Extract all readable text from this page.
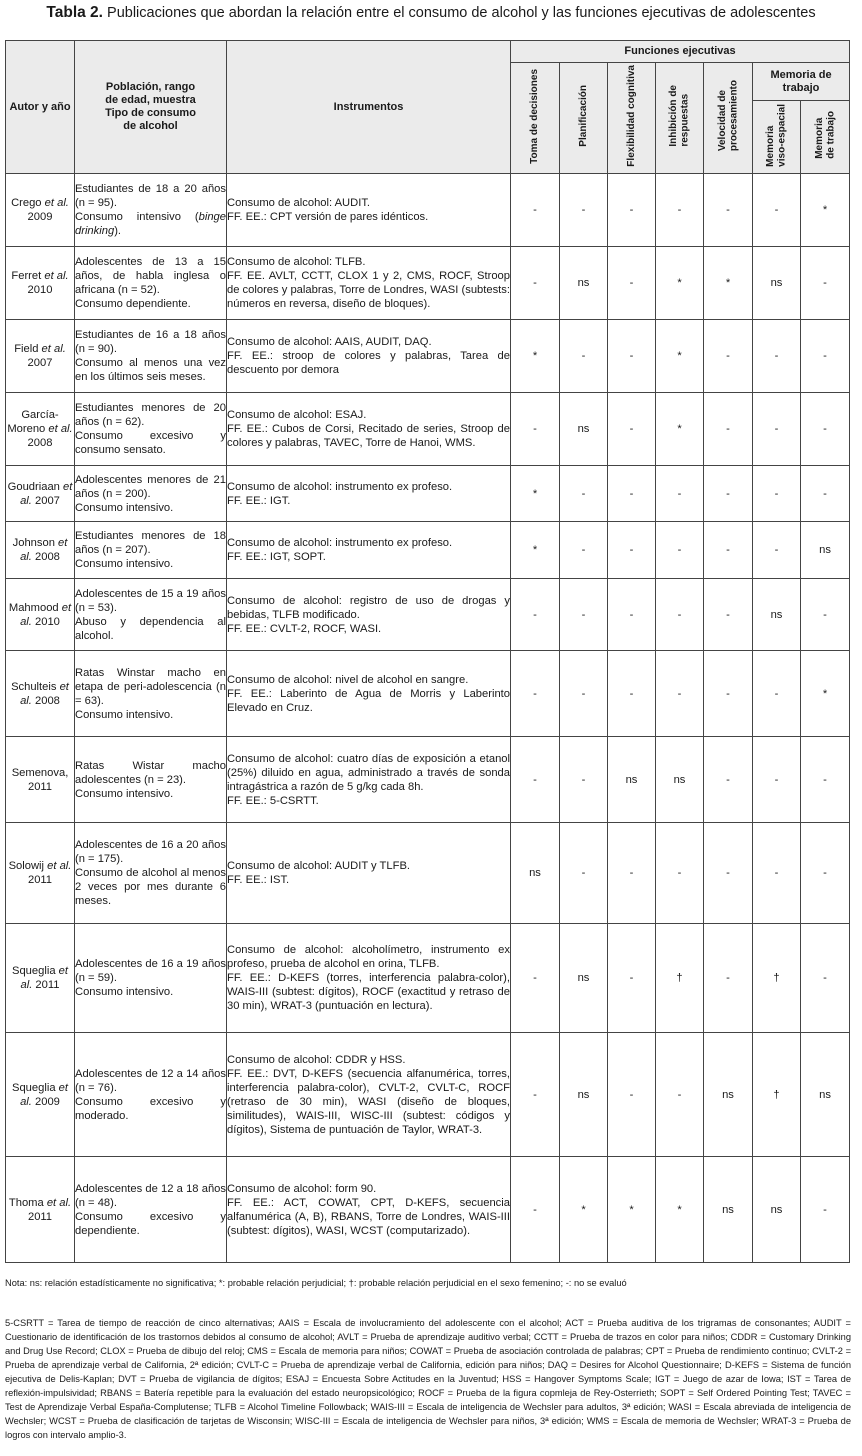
Tabla 2. Publicaciones que abordan la relación entre el consumo de alcohol y las funciones ejecutivas de adolescentes
Autor y año	Población, rango
de edad, muestra
Tipo de consumo
de alcohol	Instrumentos	Funciones ejecutivas						
			Toma de decisiones	Planificación	Flexibilidad cognitiva	Inhibición de
respuestas	Velocidad de
procesamiento	Memoria de trabajo	
								Memoria
viso-espacial	Memoria
de trabajo
Crego et al. 2009	Estudiantes de 18 a 20 años (n = 95).
Consumo intensivo (binge drinking).	Consumo de alcohol: AUDIT.
FF. EE.: CPT versión de pares idénticos.	-	-	-	-	-	-	*
Ferret et al. 2010	Adolescentes de 13 a 15 años, de habla inglesa o africana (n = 52).
Consumo dependiente.	Consumo de alcohol: TLFB.
FF. EE. AVLT, CCTT, CLOX 1 y 2, CMS, ROCF, Stroop de colores y palabras, Torre de Londres, WASI (subtests: números en reversa, diseño de bloques).	-	ns	-	*	*	ns	-
Field et al. 2007	Estudiantes de 16 a 18 años (n = 90).
Consumo al menos una vez en los últimos seis meses.	Consumo de alcohol: AAIS, AUDIT, DAQ.
FF. EE.: stroop de colores y palabras, Tarea de descuento por demora	*	-	-	*	-	-	-
García-Moreno et al. 2008	Estudiantes menores de 20 años (n = 62).
Consumo excesivo y consumo sensato.	Consumo de alcohol: ESAJ.
FF. EE.: Cubos de Corsi, Recitado de series, Stroop de colores y palabras, TAVEC, Torre de Hanoi, WMS.	-	ns	-	*	-	-	-
Goudriaan et al. 2007	Adolescentes menores de 21 años (n = 200).
Consumo intensivo.	Consumo de alcohol: instrumento ex profeso.
FF. EE.: IGT.	*	-	-	-	-	-	-
Johnson et al. 2008	Estudiantes menores de 18 años (n = 207).
Consumo intensivo.	Consumo de alcohol: instrumento ex profeso.
FF. EE.: IGT, SOPT.	*	-	-	-	-	-	ns
Mahmood et al. 2010	Adolescentes de 15 a 19 años (n = 53).
Abuso y dependencia al alcohol.	Consumo de alcohol: registro de uso de drogas y bebidas, TLFB modificado.
FF. EE.: CVLT-2, ROCF, WASI.	-	-	-	-	-	ns	-
Schulteis et al. 2008	Ratas Winstar macho en etapa de peri-adolescencia (n = 63).
Consumo intensivo.	Consumo de alcohol: nivel de alcohol en sangre.
FF. EE.: Laberinto de Agua de Morris y Laberinto Elevado en Cruz.	-	-	-	-	-	-	*
Semenova, 2011	Ratas Wistar macho adolescentes (n = 23).
Consumo intensivo.	Consumo de alcohol: cuatro días de exposición a etanol (25%) diluido en agua, administrado a través de sonda intragástrica a razón de 5 g/kg cada 8h.
FF. EE.: 5-CSRTT.	-	-	ns	ns	-	-	-
Solowij et al. 2011	Adolescentes de 16 a 20 años (n = 175).
Consumo de alcohol al menos 2 veces por mes durante 6 meses.	Consumo de alcohol: AUDIT y TLFB.
FF. EE.: IST.	ns	-	-	-	-	-	-
Squeglia et al. 2011	Adolescentes de 16 a 19 años (n = 59).
Consumo intensivo.	Consumo de alcohol: alcoholímetro, instrumento ex profeso, prueba de alcohol en orina, TLFB.
FF. EE.: D-KEFS (torres, interferencia palabra-color), WAIS-III (subtest: dígitos), ROCF (exactitud y retraso de 30 min), WRAT-3 (puntuación en lectura).	-	ns	-	†	-	†	-
Squeglia et al. 2009	Adolescentes de 12 a 14 años (n = 76).
Consumo excesivo y moderado.	Consumo de alcohol: CDDR y HSS.
FF. EE.: DVT, D-KEFS (secuencia alfanumérica, torres, interferencia palabra-color), CVLT-2, CVLT-C, ROCF (retraso de 30 min), WASI (diseño de bloques, similitudes), WAIS-III, WISC-III (subtest: códigos y dígitos), Sistema de puntuación de Taylor, WRAT-3.	-	ns	-	-	ns	†	ns
Thoma et al. 2011	Adolescentes de 12 a 18 años (n = 48).
Consumo excesivo y dependiente.	Consumo de alcohol: form 90.
FF. EE.: ACT, COWAT, CPT, D-KEFS, secuencia alfanumérica (A, B), RBANS, Torre de Londres, WAIS-III (subtest: dígitos), WASI, WCST (computarizado).	-	*	*	*	ns	ns	-
Nota: ns: relación estadísticamente no significativa; *: probable relación perjudicial; †: probable relación perjudicial en el sexo femenino; -: no se evaluó
5-CSRTT = Tarea de tiempo de reacción de cinco alternativas; AAIS = Escala de involucramiento del adolescente con el alcohol; ACT = Prueba auditiva de los trigramas de consonantes; AUDIT = Cuestionario de identificación de los trastornos debidos al consumo de alcohol; AVLT = Prueba de aprendizaje auditivo verbal; CCTT = Prueba de trazos en color para niños; CDDR = Customary Drinking and Drug Use Record; CLOX = Prueba de dibujo del reloj; CMS = Escala de memoria para niños; COWAT = Prueba de asociación controlada de palabras; CPT = Prueba de rendimiento continuo; CVLT-2 = Prueba de aprendizaje verbal de California, 2ª edición; CVLT-C = Prueba de aprendizaje verbal de California, edición para niños; DAQ = Desires for Alcohol Questionnaire; D-KEFS = Sistema de función ejecutiva de Delis-Kaplan; DVT = Prueba de vigilancia de dígitos; ESAJ = Encuesta Sobre Actitudes en la Juventud; HSS = Hangover Symptoms Scale; IGT = Juego de azar de Iowa; IST = Tarea de reflexión-impulsividad; RBANS = Batería repetible para la evaluación del estado neuropsicológico; ROCF = Prueba de la figura copmleja de Rey-Osterrieth; SOPT = Self Ordered Pointing Test; TAVEC = Test de Aprendizaje Verbal España-Complutense; TLFB = Alcohol Timeline Followback; WAIS-III = Escala de inteligencia de Wechsler para adultos, 3ª edición; WASI = Escala abreviada de inteligencia de Wechsler; WCST = Prueba de clasificación de tarjetas de Wisconsin; WISC-III = Escala de inteligencia de Wechsler para niños, 3ª edición; WMS = Escala de memoria de Wechsler; WRAT-3 = Prueba de logros con intervalo amplio-3.
